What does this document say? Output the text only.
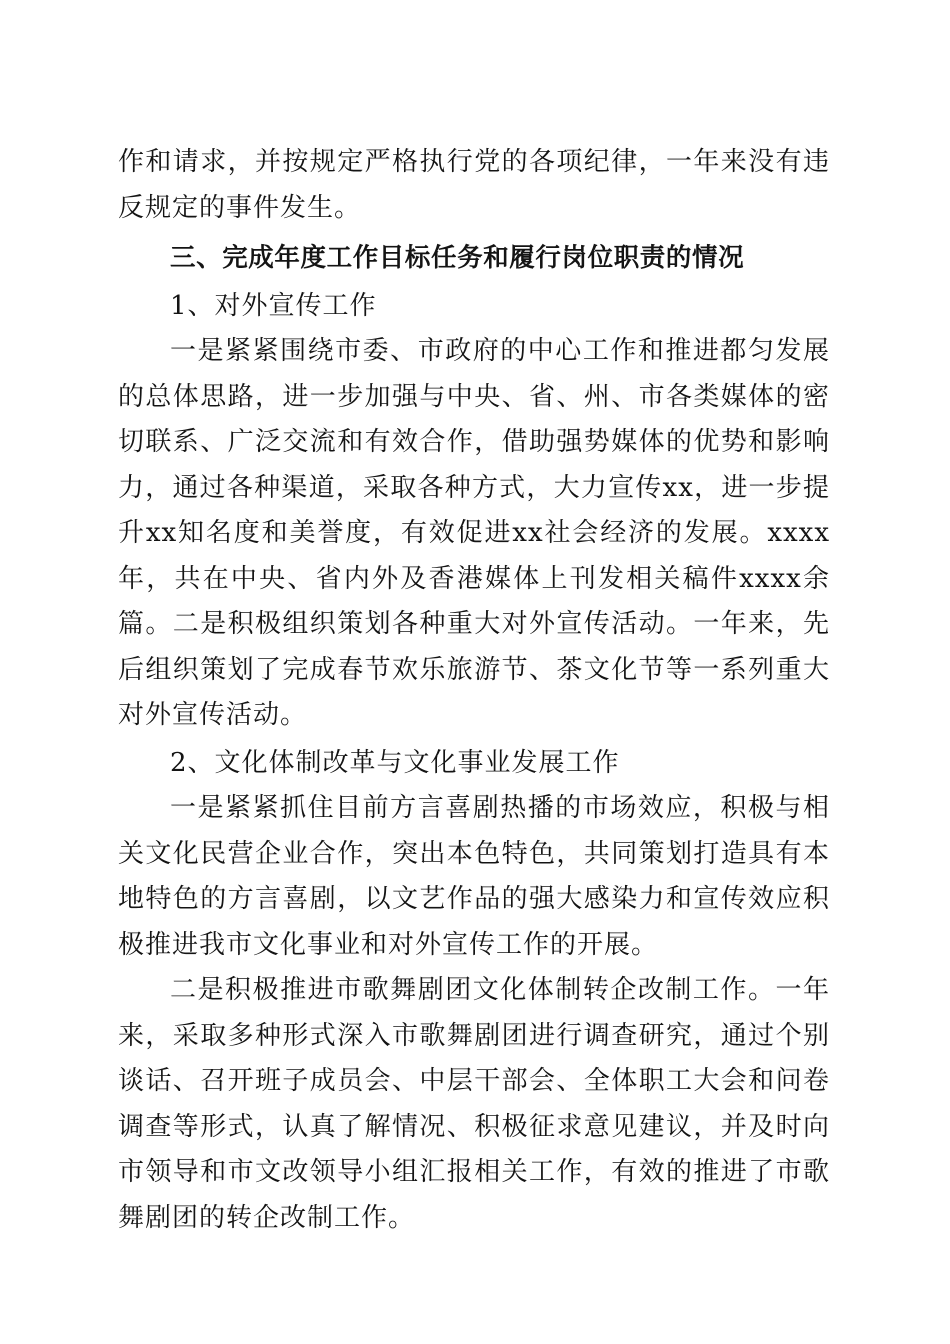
作和请求，并按规定严格执行党的各项纪律，一年来没有违反规定的事件发生。

三、完成年度工作目标任务和履行岗位职责的情况

1、对外宣传工作

一是紧紧围绕市委、市政府的中心工作和推进都匀发展的总体思路，进一步加强与中央、省、州、市各类媒体的密切联系、广泛交流和有效合作，借助强势媒体的优势和影响力，通过各种渠道，采取各种方式，大力宣传xx，进一步提升xx知名度和美誉度，有效促进xx社会经济的发展。xxxx年，共在中央、省内外及香港媒体上刊发相关稿件xxxx余篇。二是积极组织策划各种重大对外宣传活动。一年来，先后组织策划了完成春节欢乐旅游节、茶文化节等一系列重大对外宣传活动。

2、文化体制改革与文化事业发展工作

一是紧紧抓住目前方言喜剧热播的市场效应，积极与相关文化民营企业合作，突出本色特色，共同策划打造具有本地特色的方言喜剧，以文艺作品的强大感染力和宣传效应积极推进我市文化事业和对外宣传工作的开展。

二是积极推进市歌舞剧团文化体制转企改制工作。一年来，采取多种形式深入市歌舞剧团进行调查研究，通过个别谈话、召开班子成员会、中层干部会、全体职工大会和问卷调查等形式，认真了解情况、积极征求意见建议，并及时向市领导和市文改领导小组汇报相关工作，有效的推进了市歌舞剧团的转企改制工作。
